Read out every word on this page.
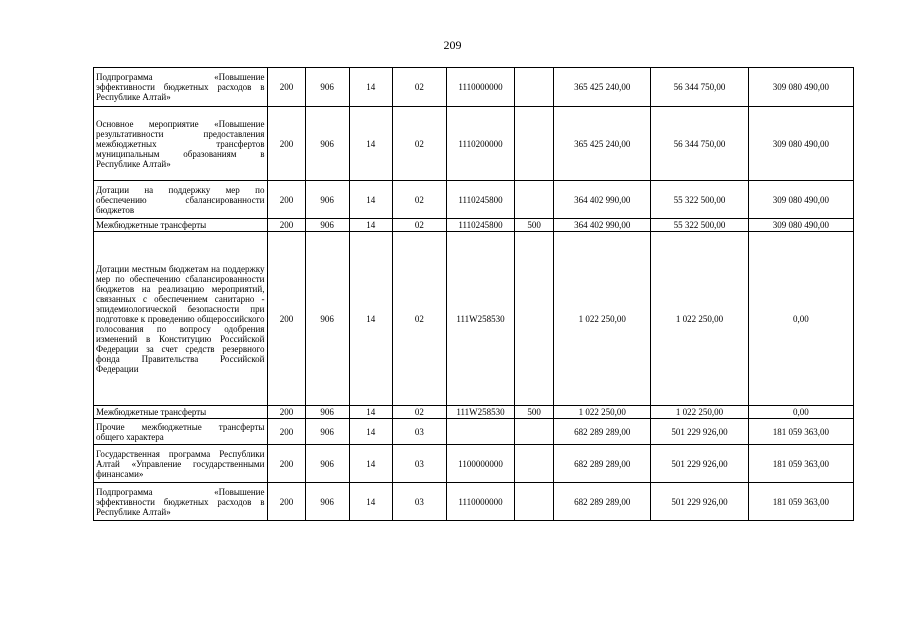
209
Подпрограмма «Повышение эффективности бюджетных расходов в Республике Алтай»	200	906	14	02	1110000000		365 425 240,00	56 344 750,00	309 080 490,00
Основное мероприятие «Повышение результативности предоставления межбюджетных трансфертов муниципальным образованиям в Республике Алтай»	200	906	14	02	1110200000		365 425 240,00	56 344 750,00	309 080 490,00
Дотации на поддержку мер по обеспечению сбалансированности бюджетов	200	906	14	02	1110245800		364 402 990,00	55 322 500,00	309 080 490,00
Межбюджетные трансферты	200	906	14	02	1110245800	500	364 402 990,00	55 322 500,00	309 080 490,00
Дотации местным бюджетам на поддержку мер по обеспечению сбалансированности бюджетов на реализацию мероприятий, связанных с обеспечением санитарно - эпидемиологической безопасности при подготовке к проведению общероссийского голосования по вопросу одобрения изменений в Конституцию Российской Федерации за счет средств резервного фонда Правительства Российской Федерации	200	906	14	02	111W258530		1 022 250,00	1 022 250,00	0,00
Межбюджетные трансферты	200	906	14	02	111W258530	500	1 022 250,00	1 022 250,00	0,00
Прочие межбюджетные трансферты общего характера	200	906	14	03			682 289 289,00	501 229 926,00	181 059 363,00
Государственная программа Республики Алтай «Управление государственными финансами»	200	906	14	03	1100000000		682 289 289,00	501 229 926,00	181 059 363,00
Подпрограмма «Повышение эффективности бюджетных расходов в Республике Алтай»	200	906	14	03	1110000000		682 289 289,00	501 229 926,00	181 059 363,00
